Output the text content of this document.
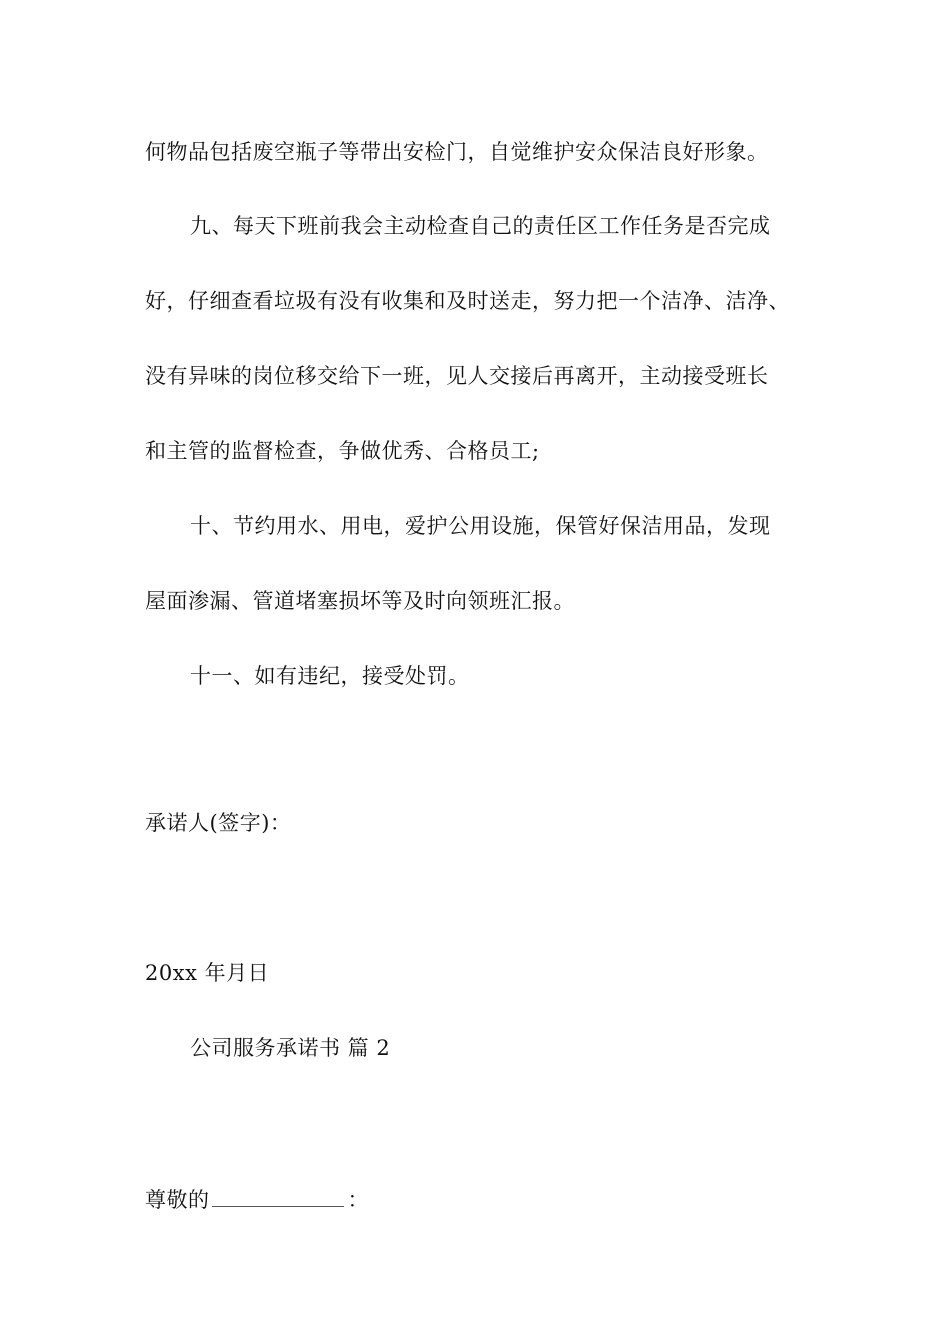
何物品包括废空瓶子等带出安检门，自觉维护安众保洁良好形象。
九、每天下班前我会主动检查自己的责任区工作任务是否完成
好，仔细查看垃圾有没有收集和及时送走，努力把一个洁净、洁净、
没有异味的岗位移交给下一班，见人交接后再离开，主动接受班长
和主管的监督检查，争做优秀、合格员工;
十、节约用水、用电，爱护公用设施，保管好保洁用品，发现
屋面渗漏、管道堵塞损坏等及时向领班汇报。
十一、如有违纪，接受处罚。
承诺人(签字)：
20xx 年月日
公司服务承诺书 篇 2
尊敬的	：
